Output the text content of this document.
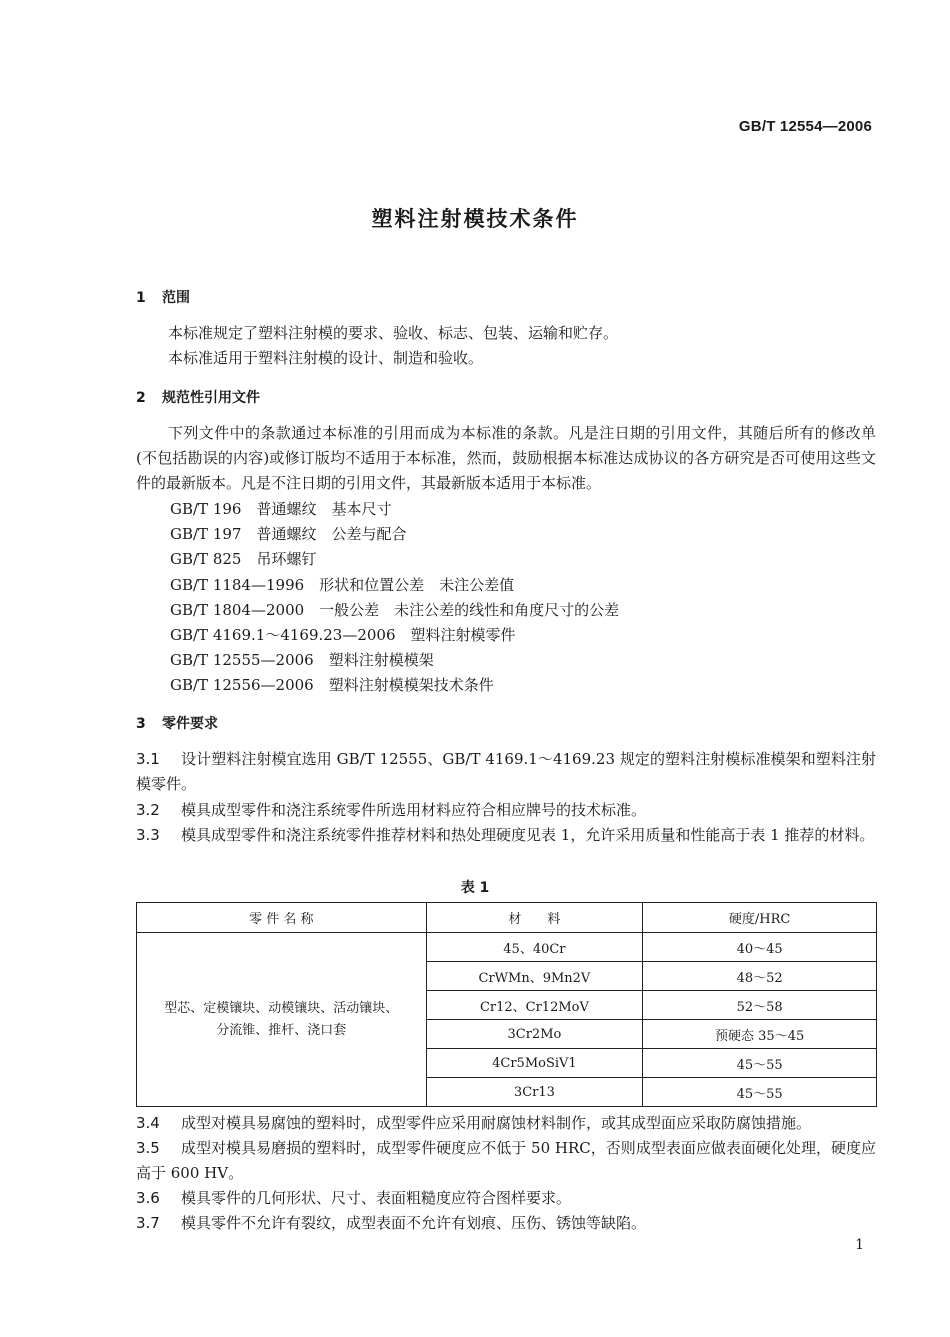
GB/T 12554—2006
塑料注射模技术条件
1 范围
本标准规定了塑料注射模的要求、验收、标志、包装、运输和贮存。
本标准适用于塑料注射模的设计、制造和验收。
2 规范性引用文件
下列文件中的条款通过本标准的引用而成为本标准的条款。凡是注日期的引用文件，其随后所有的修改单(不包括勘误的内容)或修订版均不适用于本标准，然而，鼓励根据本标准达成协议的各方研究是否可使用这些文件的最新版本。凡是不注日期的引用文件，其最新版本适用于本标准。
GB/T 196　普通螺纹　基本尺寸
GB/T 197　普通螺纹　公差与配合
GB/T 825　吊环螺钉
GB/T 1184—1996　形状和位置公差　未注公差值
GB/T 1804—2000　一般公差　未注公差的线性和角度尺寸的公差
GB/T 4169.1～4169.23—2006　塑料注射模零件
GB/T 12555—2006　塑料注射模模架
GB/T 12556—2006　塑料注射模模架技术条件
3 零件要求
3.1 设计塑料注射模宜选用 GB/T 12555、GB/T 4169.1～4169.23 规定的塑料注射模标准模架和塑料注射模零件。
3.2 模具成型零件和浇注系统零件所选用材料应符合相应牌号的技术标准。
3.3 模具成型零件和浇注系统零件推荐材料和热处理硬度见表 1，允许采用质量和性能高于表 1 推荐的材料。
表 1
零 件 名 称	材　　料	硬度/HRC

型芯、定模镶块、动模镶块、活动镶块、
分流锥、推杆、浇口套	45、40Cr	40～45
	CrWMn、9Mn2V	48～52
	Cr12、Cr12MoV	52～58
	3Cr2Mo	预硬态 35～45
	4Cr5MoSiV1	45～55
	3Cr13	45～55
3.4 成型对模具易腐蚀的塑料时，成型零件应采用耐腐蚀材料制作，或其成型面应采取防腐蚀措施。
3.5 成型对模具易磨损的塑料时，成型零件硬度应不低于 50 HRC，否则成型表面应做表面硬化处理，硬度应高于 600 HV。
3.6 模具零件的几何形状、尺寸、表面粗糙度应符合图样要求。
3.7 模具零件不允许有裂纹，成型表面不允许有划痕、压伤、锈蚀等缺陷。
1
